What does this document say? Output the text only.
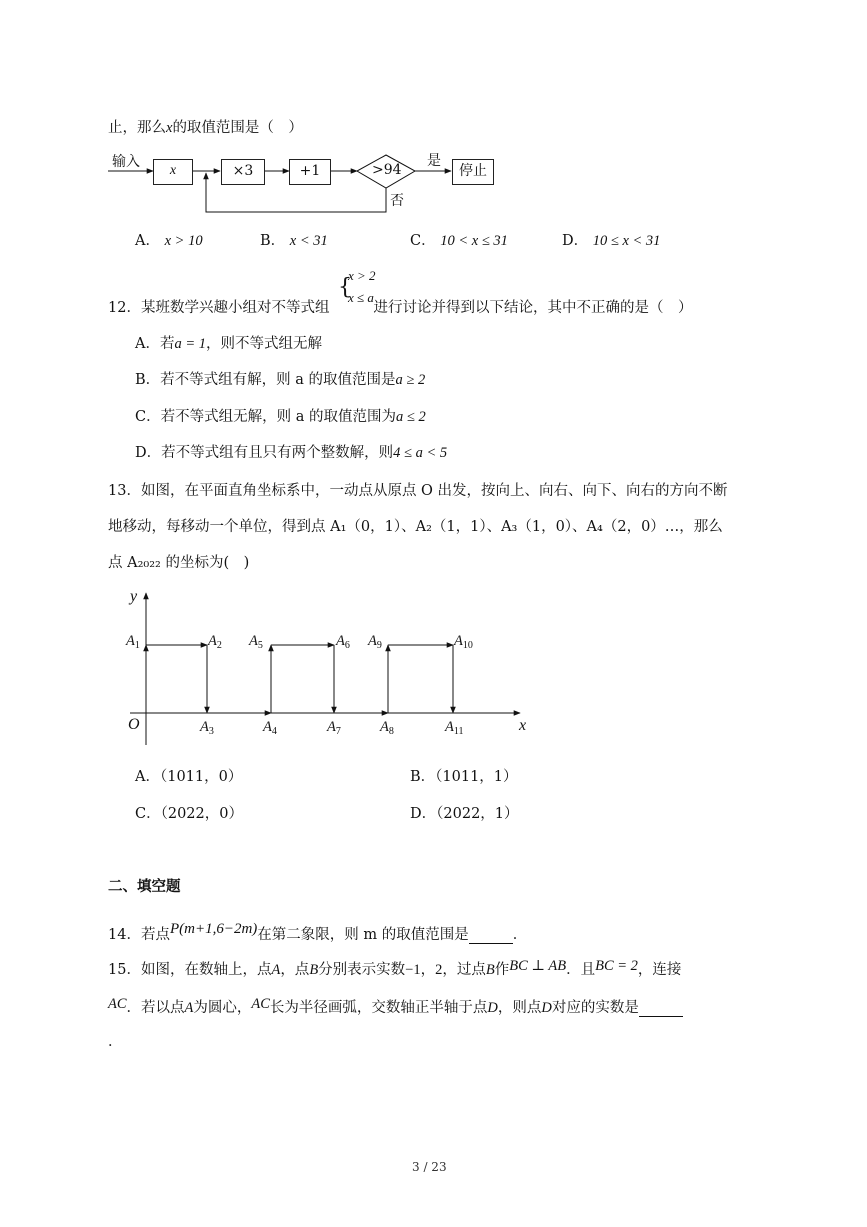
止，那么x的取值范围是（　）
输入
x	×3	+1	>94
是
停止
否
A． x > 10	B． x < 31	C． 10 < x ≤ 31	D． 10 ≤ x < 31
12．某班数学兴趣小组对不等式组	进行讨论并得到以下结论，其中不正确的是（　）
{
x > 2
x ≤ a
A．若a = 1，则不等式组无解
B．若不等式组有解，则 a 的取值范围是a ≥ 2
C．若不等式组无解，则 a 的取值范围为a ≤ 2
D．若不等式组有且只有两个整数解，则4 ≤ a < 5
13．如图，在平面直角坐标系中，一动点从原点 O 出发，按向上、向右、向下、向右的方向不断
地移动，每移动一个单位，得到点 A₁（0，1）、A₂（1，1）、A₃（1，0）、A₄（2，0）…，那么
点 A₂₀₂₂ 的坐标为(　)
y
x
O
$A_1$	$A_2$ $A_5$	$A_6$ $A_9$	$A_{10}$
$A_3$	$A_4$	$A_7$	$A_8$	$A_{11}$
A．（1011，0）	B．（1011，1）
C．（2022，0）	D．（2022，1）
二、填空题
14．若点P(m+1,6−2m)在第二象限，则 m 的取值范围是	．
15．如图，在数轴上，点A，点B分别表示实数−1，2，过点B作BC ⊥ AB．且BC = 2，连接
AC．若以点A为圆心，AC长为半径画弧，交数轴正半轴于点D，则点D对应的实数是
．
3 / 23
